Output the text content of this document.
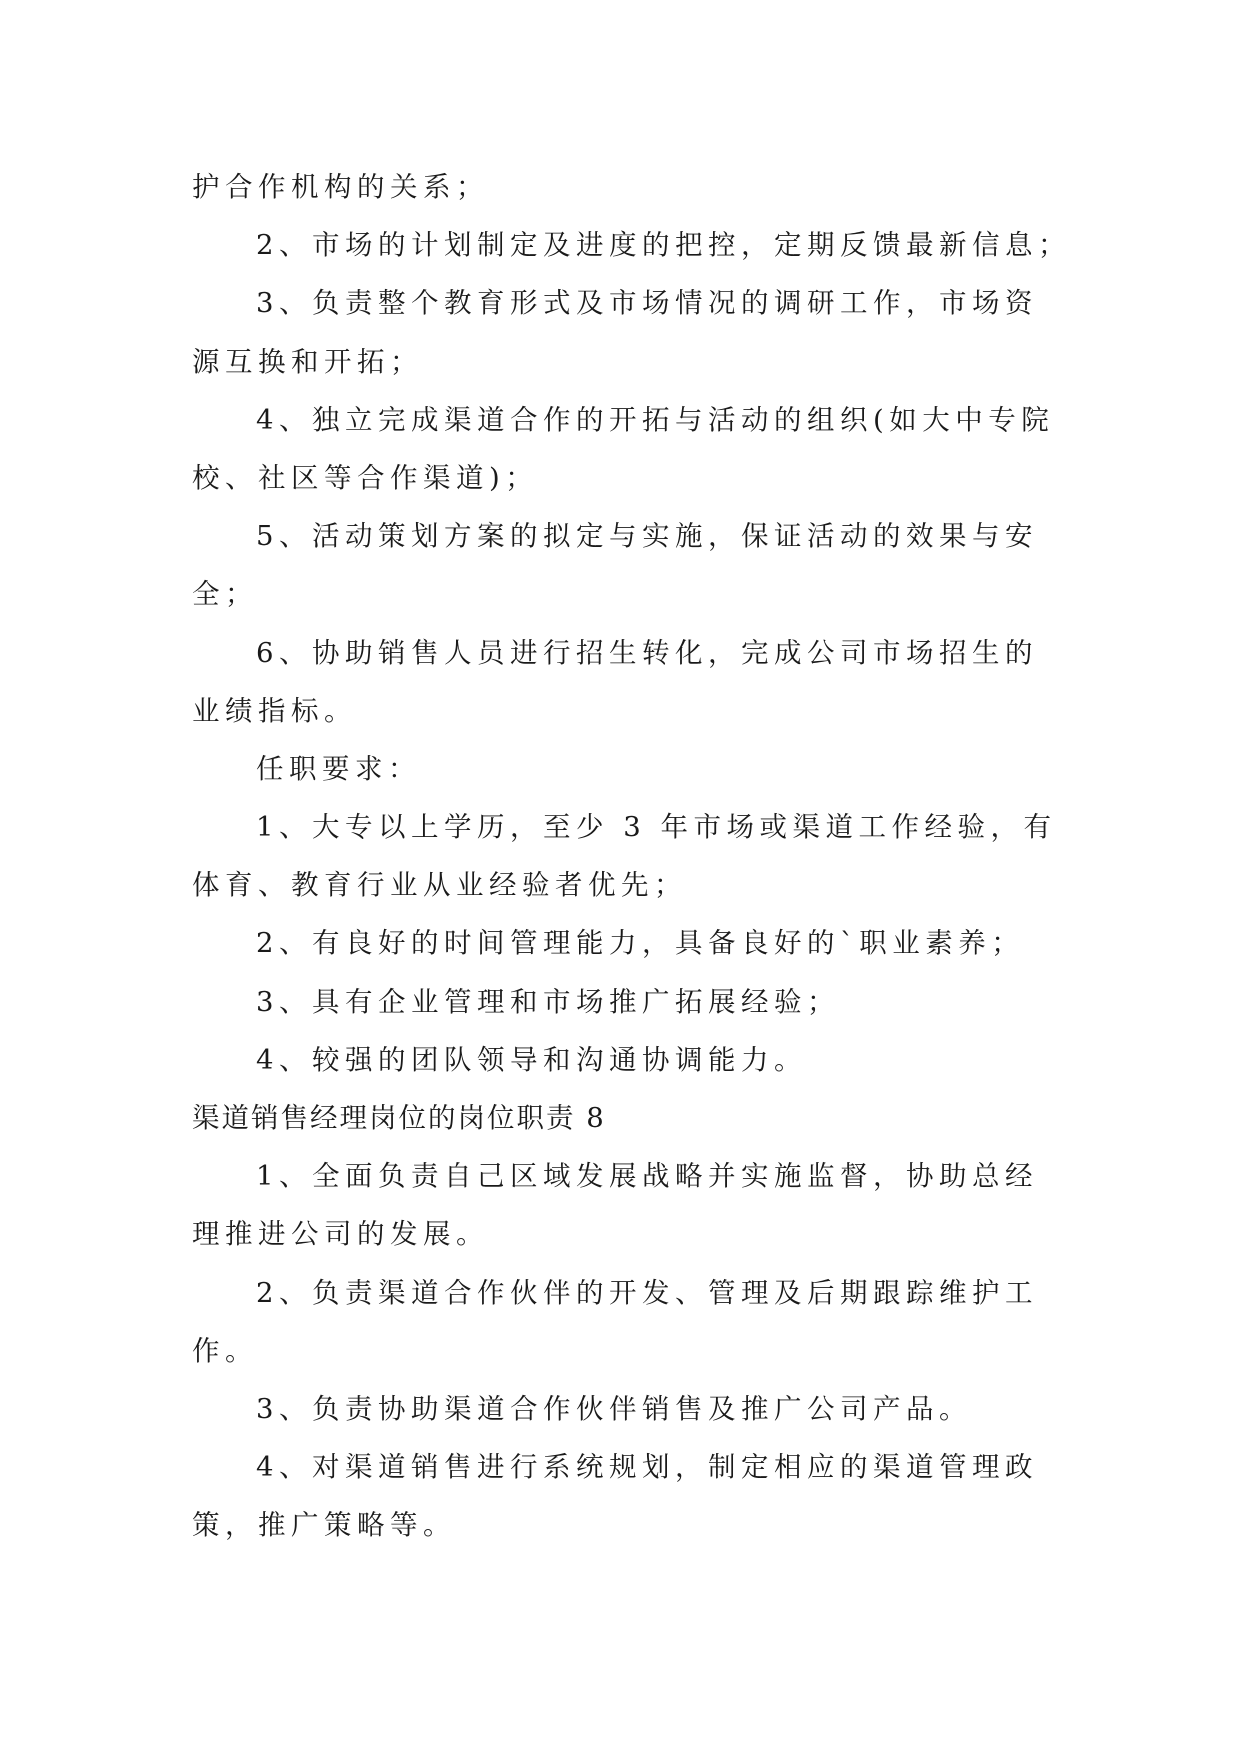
护合作机构的关系；
2、市场的计划制定及进度的把控，定期反馈最新信息；
3、负责整个教育形式及市场情况的调研工作，市场资
源互换和开拓；
4、独立完成渠道合作的开拓与活动的组织(如大中专院
校、社区等合作渠道)；
5、活动策划方案的拟定与实施，保证活动的效果与安
全；
6、协助销售人员进行招生转化，完成公司市场招生的
业绩指标。
任职要求：
1、大专以上学历，至少 3 年市场或渠道工作经验，有
体育、教育行业从业经验者优先；
2、有良好的时间管理能力，具备良好的`职业素养；
3、具有企业管理和市场推广拓展经验；
4、较强的团队领导和沟通协调能力。
渠道销售经理岗位的岗位职责 8
1、全面负责自己区域发展战略并实施监督，协助总经
理推进公司的发展。
2、负责渠道合作伙伴的开发、管理及后期跟踪维护工
作。
3、负责协助渠道合作伙伴销售及推广公司产品。
4、对渠道销售进行系统规划，制定相应的渠道管理政
策，推广策略等。
